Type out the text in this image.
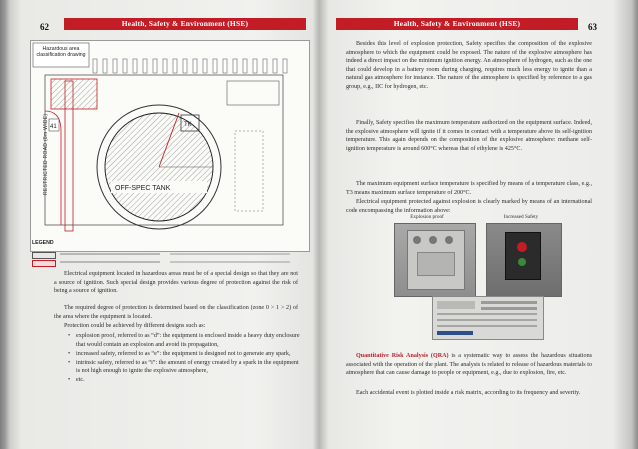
62	Health, Safety & Environment (HSE)
OFF-SPEC TANK
41
Hazardous area classification drawing
RESTRICTED ROAD (8m WIDE)
LEGEND

Electrical equipment located in hazardous areas must be of a special design so that they are not a source of ignition. Such special design provides various degree of protection against the risk of being a source of ignition.

The required degree of protection is determined based on the classification (zone 0 > 1 > 2) of the area where the equipment is located.

Protection could be achieved by different designs such as:

• explosion proof, referred to as “d”: the equipment is enclosed inside a heavy duty enclosure that would contain an explosion and avoid its propagation,
• increased safety, referred to as “e”: the equipment is designed not to generate any spark,
• intrinsic safety, referred to as “i”: the amount of energy created by a spark in the equipment is not high enough to ignite the explosive atmosphere,
• etc.
Health, Safety & Environment (HSE)	63

Besides this level of explosion protection, Safety specifies the composition of the explosive atmosphere to which the equipment could be exposed. The nature of the explosive atmosphere has indeed a direct impact on the minimum ignition energy. An atmosphere of hydrogen, such as the one that could develop in a battery room during charging, requires much less energy to ignite than a natural gas atmosphere for instance. The nature of the atmosphere is specified by reference to a gas group, e.g., IIC for hydrogen, etc.

Finally, Safety specifies the maximum temperature authorized on the equipment surface. Indeed, the explosive atmosphere will ignite if it comes in contact with a temperature above its self-ignition temperature. This again depends on the composition of the explosive atmosphere: methane self-ignition temperature is around 600°C whereas that of ethylene is 425°C.

The maximum equipment surface temperature is specified by means of a temperature class, e.g., T3 means maximum surface temperature of 200°C.

Electrical equipment protected against explosion is clearly marked by means of an international code encompassing the information above:

Explosion proof	Increased Safety

Quantitative Risk Analysis (QRA) is a systematic way to assess the hazardous situations associated with the operation of the plant. The analysis is related to release of hazardous materials to atmosphere that can cause damage to people or equipment, e.g., due to explosion, fire, etc.

Each accidental event is plotted inside a risk matrix, according to its frequency and severity.
